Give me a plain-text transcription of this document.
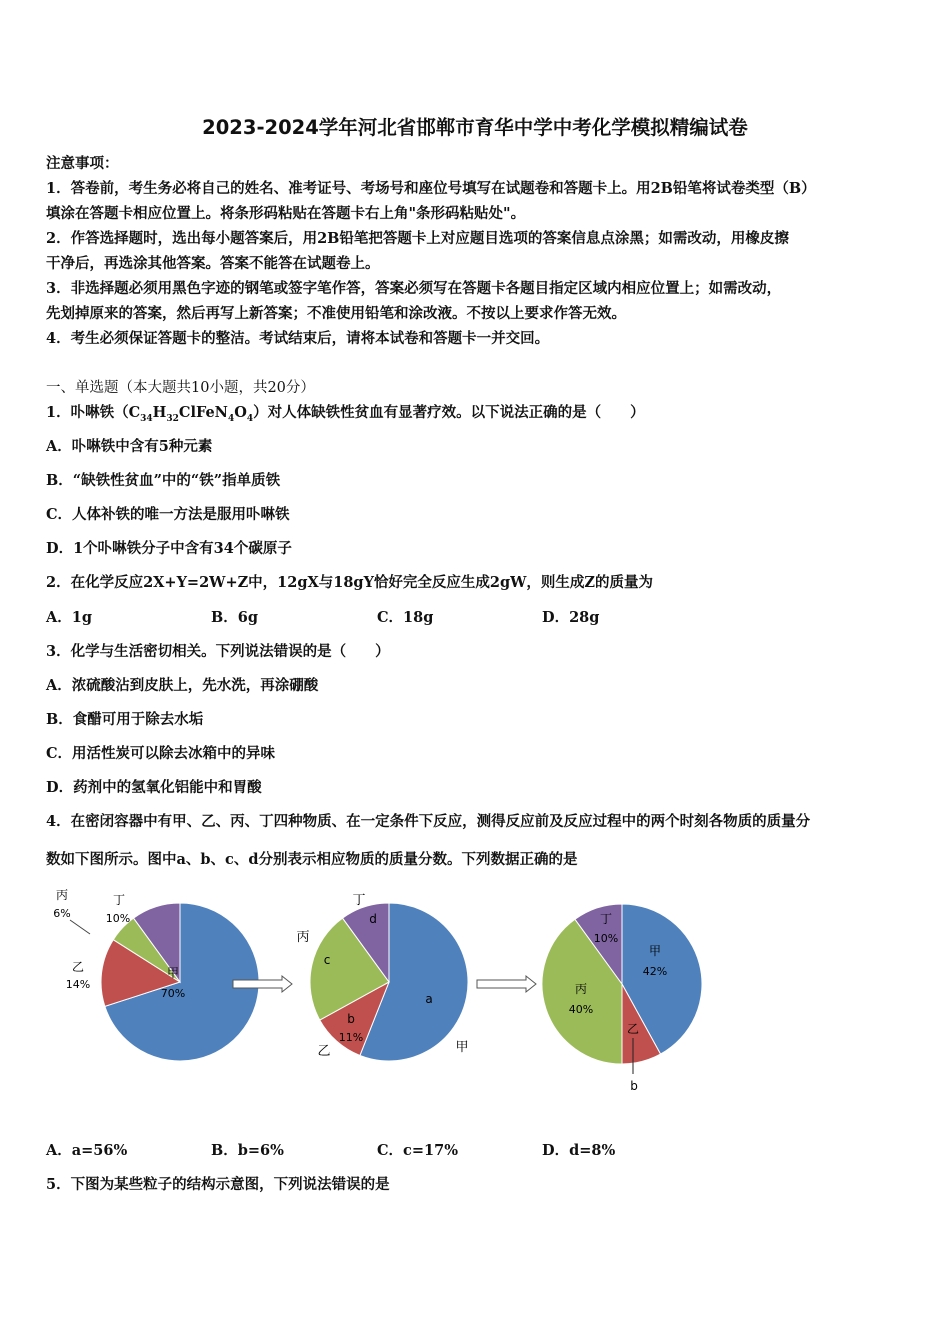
2023-2024学年河北省邯郸市育华中学中考化学模拟精编试卷
注意事项：
1．答卷前，考生务必将自己的姓名、准考证号、考场号和座位号填写在试题卷和答题卡上。用2B铅笔将试卷类型（B）
填涂在答题卡相应位置上。将条形码粘贴在答题卡右上角"条形码粘贴处"。
2．作答选择题时，选出每小题答案后，用2B铅笔把答题卡上对应题目选项的答案信息点涂黑；如需改动，用橡皮擦
干净后，再选涂其他答案。答案不能答在试题卷上。
3．非选择题必须用黑色字迹的钢笔或签字笔作答，答案必须写在答题卡各题目指定区域内相应位置上；如需改动，
先划掉原来的答案，然后再写上新答案；不准使用铅笔和涂改液。不按以上要求作答无效。
4．考生必须保证答题卡的整洁。考试结束后，请将本试卷和答题卡一并交回。
一、单选题（本大题共10小题，共20分）
1．卟啉铁$(C_{34}H_{32}ClFeN_4O_4)$对人体缺铁性贫血有显著疗效。以下说法正确的是（　　）
A．卟啉铁中含有5种元素
B．“缺铁性贫血”中的“铁”指单质铁
C．人体补铁的唯一方法是服用卟啉铁
D．1个卟啉铁分子中含有34个碳原子
2．在化学反应2X+Y=2W+Z中，12gX与18gY恰好完全反应生成2gW，则生成Z的质量为
A．1g	B．6g	C．18g	D．28g
3．化学与生活密切相关。下列说法错误的是（　　）
A．浓硫酸沾到皮肤上，先水洗，再涂硼酸
B．食醋可用于除去水垢
C．用活性炭可以除去冰箱中的异味
D．药剂中的氢氧化铝能中和胃酸
4．在密闭容器中有甲、乙、丙、丁四种物质、在一定条件下反应，测得反应前及反应过程中的两个时刻各物质的质量分
数如下图所示。图中a、b、c、d分别表示相应物质的质量分数。下列数据正确的是
甲
70%
乙
14%
丙
6%
丁
10%
a
b
11%
c
d
甲
乙
丙
丁
甲
42%
乙
b
丙
40%
丁
10%
A．a=56%	B．b=6%	C．c=17%	D．d=8%
5．下图为某些粒子的结构示意图，下列说法错误的是
